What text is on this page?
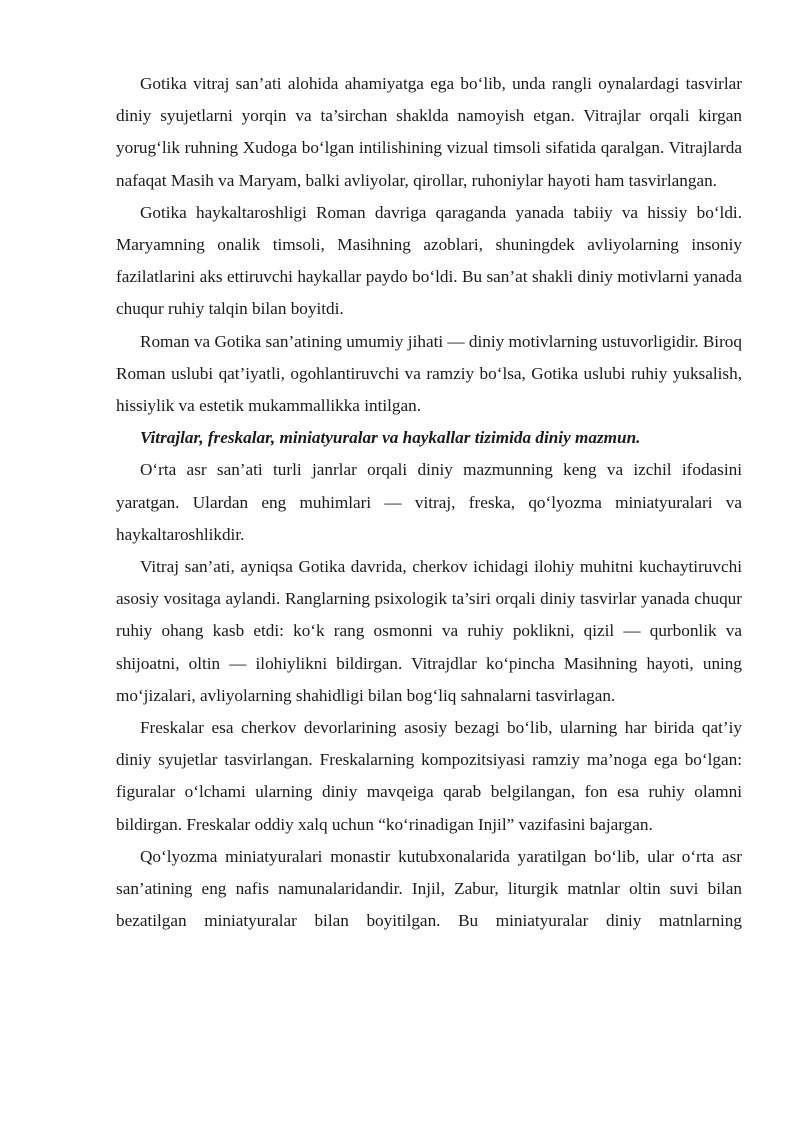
Gotika vitraj san’ati alohida ahamiyatga ega bo‘lib, unda rangli oynalardagi tasvirlar diniy syujetlarni yorqin va ta’sirchan shaklda namoyish etgan. Vitrajlar orqali kirgan yorug‘lik ruhning Xudoga bo‘lgan intilishining vizual timsoli sifatida qaralgan. Vitrajlarda nafaqat Masih va Maryam, balki avliyolar, qirollar, ruhoniylar hayoti ham tasvirlangan.

Gotika haykaltaroshligi Roman davriga qaraganda yanada tabiiy va hissiy bo‘ldi. Maryamning onalik timsoli, Masihning azoblari, shuningdek avliyolarning insoniy fazilatlarini aks ettiruvchi haykallar paydo bo‘ldi. Bu san’at shakli diniy motivlarni yanada chuqur ruhiy talqin bilan boyitdi.

Roman va Gotika san’atining umumiy jihati — diniy motivlarning ustuvorligidir. Biroq Roman uslubi qat’iyatli, ogohlantiruvchi va ramziy bo‘lsa, Gotika uslubi ruhiy yuksalish, hissiylik va estetik mukammallikka intilgan.

Vitrajlar, freskalar, miniatyuralar va haykallar tizimida diniy mazmun.

O‘rta asr san’ati turli janrlar orqali diniy mazmunning keng va izchil ifodasini yaratgan. Ulardan eng muhimlari — vitraj, freska, qo‘lyozma miniatyuralari va haykaltaroshlikdir.

Vitraj san’ati, ayniqsa Gotika davrida, cherkov ichidagi ilohiy muhitni kuchaytiruvchi asosiy vositaga aylandi. Ranglarning psixologik ta’siri orqali diniy tasvirlar yanada chuqur ruhiy ohang kasb etdi: ko‘k rang osmonni va ruhiy poklikni, qizil — qurbonlik va shijoatni, oltin — ilohiylikni bildirgan. Vitrajdlar ko‘pincha Masihning hayoti, uning mo‘jizalari, avliyolarning shahidligi bilan bog‘liq sahnalarni tasvirlagan.

Freskalar esa cherkov devorlarining asosiy bezagi bo‘lib, ularning har birida qat’iy diniy syujetlar tasvirlangan. Freskalarning kompozitsiyasi ramziy ma’noga ega bo‘lgan: figuralar o‘lchami ularning diniy mavqeiga qarab belgilangan, fon esa ruhiy olamni bildirgan. Freskalar oddiy xalq uchun “ko‘rinadigan Injil” vazifasini bajargan.

Qo‘lyozma miniatyuralari monastir kutubxonalarida yaratilgan bo‘lib, ular o‘rta asr san’atining eng nafis namunalaridandir. Injil, Zabur, liturgik matnlar oltin suvi bilan bezatilgan miniatyuralar bilan boyitilgan. Bu miniatyuralar diniy matnlarning
